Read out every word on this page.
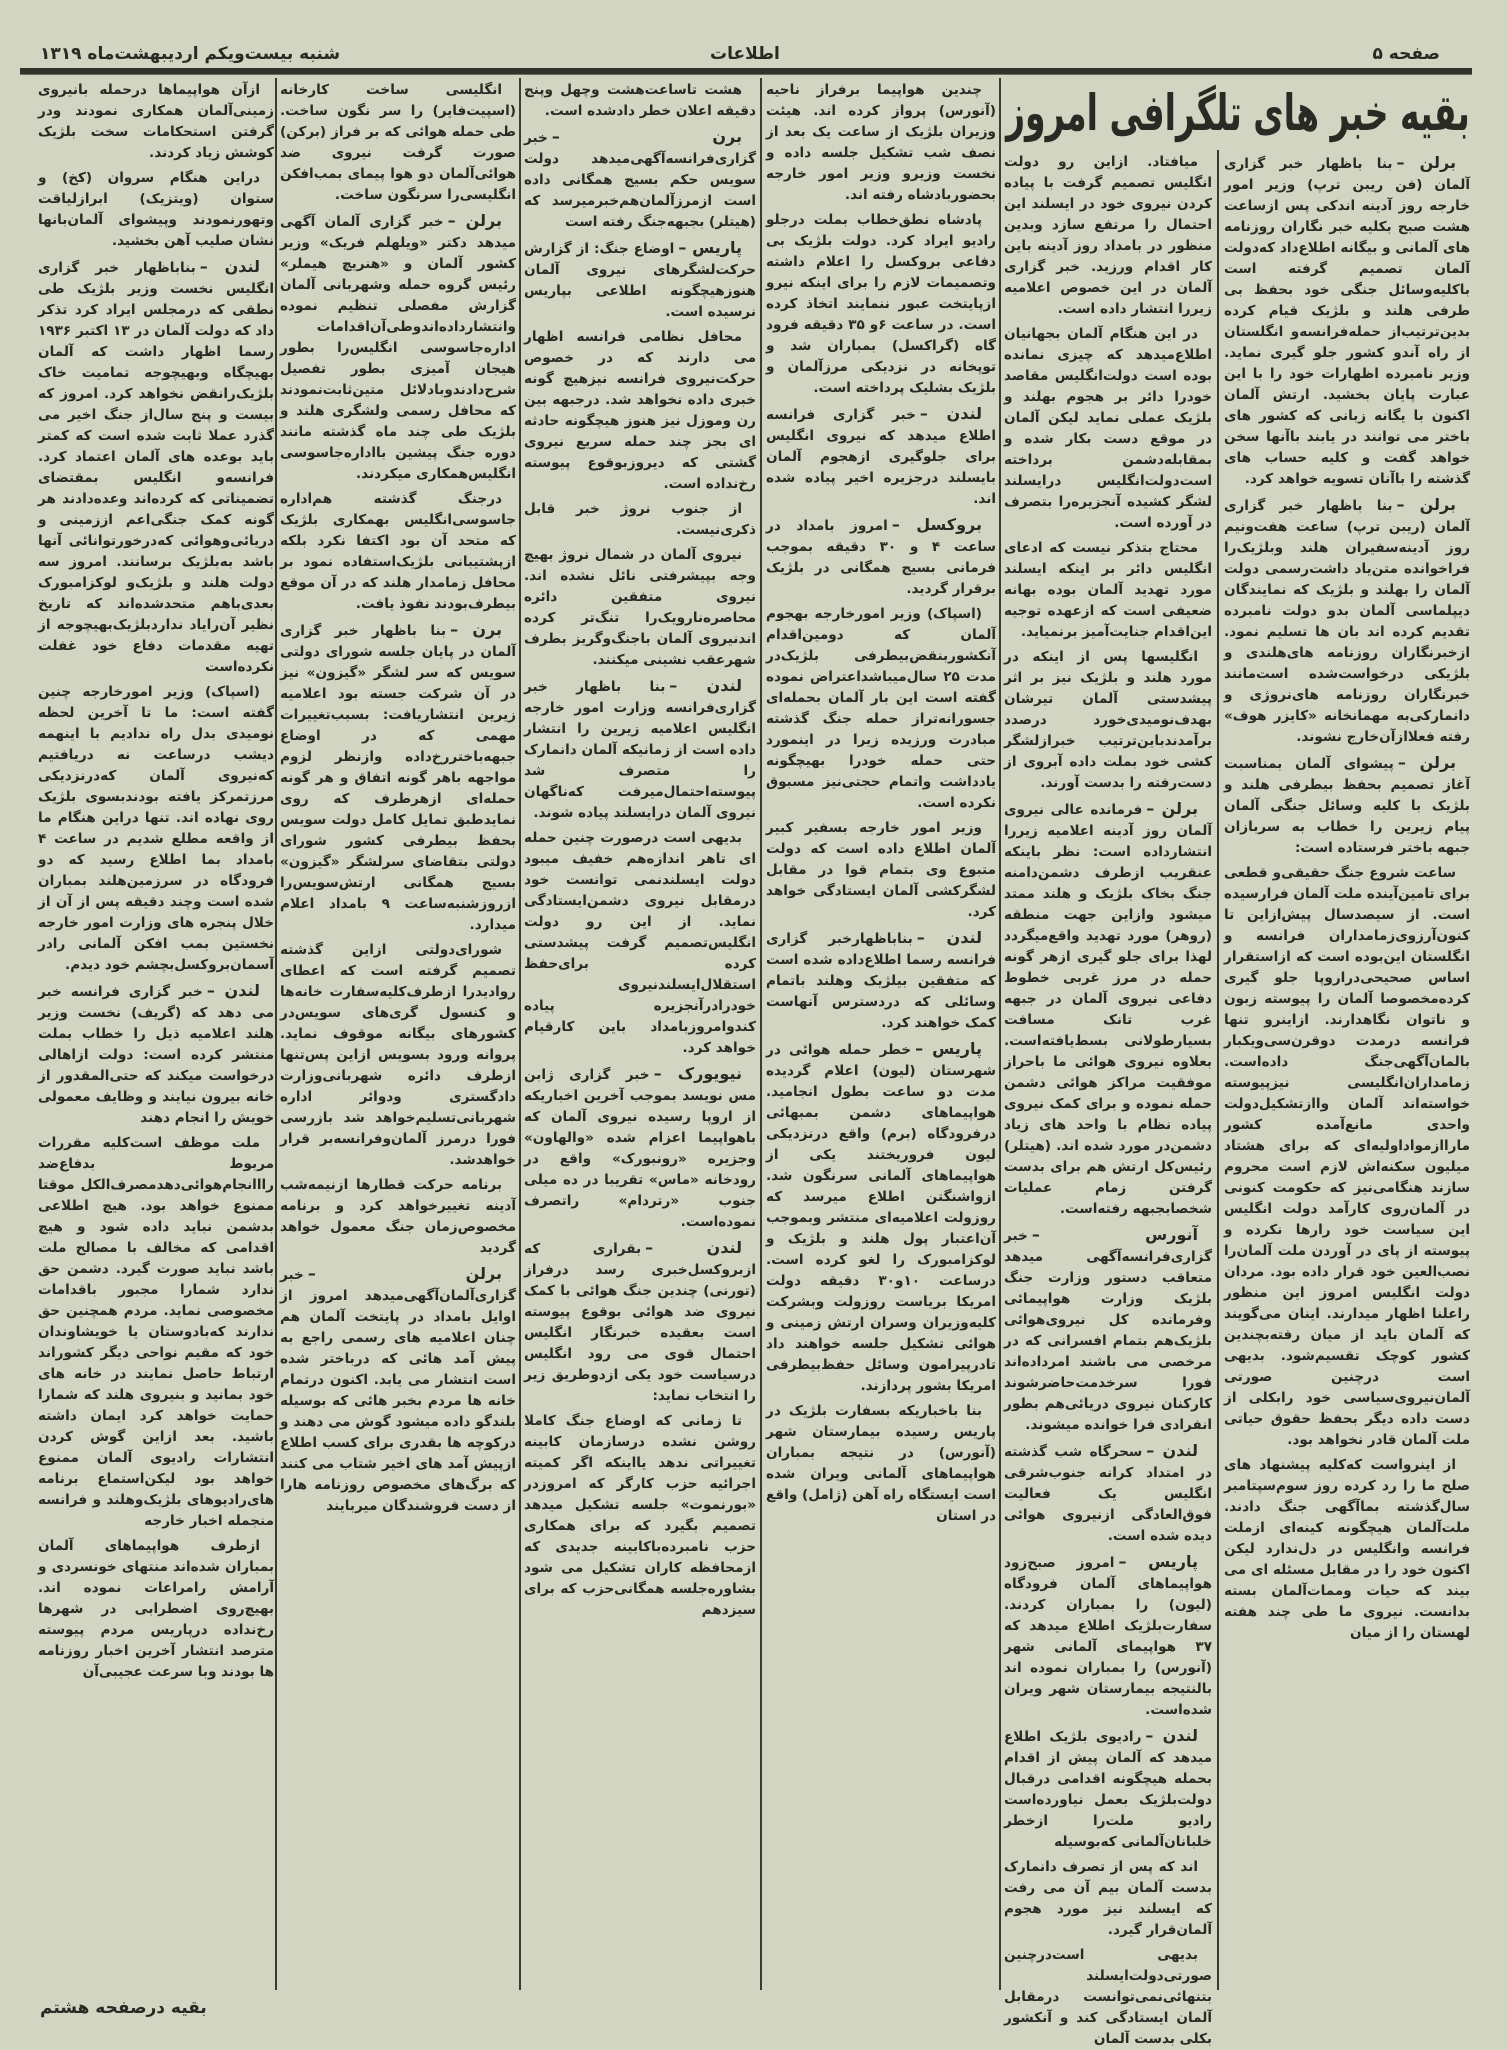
صفحه ۵
اطلاعات
شنبه بیست‌ویکم اردیبهشت‌ماه ۱۳۱۹
بقیه خبر های تلگرافی امروز

برلن –بنا باظهار خبر گزاری آلمان (فن ریبن ترپ) وزیر امور خارجه روز آدینه اندکی پس ازساعت هشت صبح بکلیه خبر نگاران روزنامه های آلمانی و بیگانه اطلاع‌داد که‌دولت آلمان تصمیم گرفته است باکلیه‌وسائل جنگی خود بحفظ بی طرفی هلند و بلژیک قیام کرده بدین‌ترتیب‌از حمله‌فرانسه‌و انگلستان از راه آندو کشور جلو گیری نماید. وزیر نامبرده اظهارات خود را با این عبارت پایان بخشید. ارتش آلمان اکنون با یگانه زبانی که کشور های باختر می توانند در یابند باآنها سخن خواهد گفت و کلیه حساب های گذشته را باآنان تسویه خواهد کرد.

برلن –بنا باظهار خبر گزاری آلمان (ریبن ترپ) ساعت هفت‌ونیم روز آدینه‌سفیران هلند وبلژیک‌را فراخوانده متن‌یاد داشت‌رسمی دولت آلمان را بهلند و بلژیک که نمایندگان دیپلماسی آلمان بدو دولت نامبرده تقدیم کرده اند بان ها تسلیم نمود. ازخبرنگاران روزنامه های‌هلندی و بلژیکی درخواست‌شده است‌مانند خبرنگاران روزنامه های‌نروژی و دانمارکی‌به مهمانخانه «کایزر هوف» رفته فعلاازآن‌خارج نشوند.

برلن –پیشوای آلمان بمناسبت آغاز تصمیم بحفظ بیطرفی هلند و بلژیک با کلیه وسائل جنگی آلمان پیام زیرین را خطاب به سربازان جبهه باختر فرستاده است:

ساعت شروع جنگ حقیقی‌و قطعی برای تامین‌آینده ملت آلمان فرارسیده است. از سیصدسال پیش‌ازاین تا کنون‌آرزوی‌زمامداران فرانسه و انگلستان این‌بوده است که ازاستقرار اساس صحیحی‌دراروپا جلو گیری کرده‌مخصوصا آلمان را پیوسته زبون و ناتوان نگاهدارند. ازاینرو تنها فرانسه درمدت دوقرن‌سی‌ویکبار بالمان‌آگهی‌جنگ داده‌است. زمامداران‌انگلیسی نیزپیوسته خواسته‌اند آلمان واازتشکیل‌دولت واحدی مانع‌آمده کشور ماراازمواداولیه‌ای که برای هشتاد میلیون سکنه‌اش لازم است محروم سازند هنگامی‌نیز که حکومت کنونی در آلمان‌روی کارآمد دولت انگلیس این سیاست خود رارها نکرده و پیوسته از پای در آوردن ملت آلمان‌را نصب‌العین خود قرار داده بود. مردان دولت انگلیس امروز این منظور راعلنا اظهار میدارند. اینان می‌گویند که آلمان باید از میان رفته‌بچندین کشور کوچک تقسیم‌شود. بدیهی است درچنین صورتی آلمان‌نیروی‌سیاسی خود رابکلی از دست داده دیگر بحفظ حقوق حیاتی ملت آلمان قادر نخواهد بود.

از اینرواست که‌کلیه پیشنهاد های صلح ما را رد کرده روز سوم‌سپتامبر سال‌گذشته بماآگهی جنگ دادند. ملت‌آلمان هیچگونه کینه‌ای ازملت فرانسه وانگلیس در دل‌ندارد لیکن اکنون خود را در مقابل مسئله ای می بیند که حیات وممات‌آلمان بسته بدانست. نیروی ما طی چند هفته لهستان را از میان

میافتاد. ازاین رو دولت انگلیس تصمیم گرفت با پیاده کردن نیروی خود در ایسلند این احتمال را مرتفع سازد وبدین منظور در بامداد روز آدینه باین کار اقدام ورزید. خبر گزاری آلمان در این خصوص اعلامیه زیررا انتشار داده است.

در این هنگام آلمان بجهانیان اطلاع‌میدهد که چیزی نمانده بوده است دولت‌انگلیس مقاصد خودرا دائر بر هجوم بهلند و بلژیک عملی نماید لیکن آلمان در موقع دست بکار شده و بمقابله‌دشمن برداخته است‌دولت‌انگلیس درایسلند لشگر کشیده آنجزیره‌را بتصرف در آورده است.

محتاج بتذکر نیست که ادعای انگلیس دائر بر اینکه ایسلند مورد تهدید آلمان بوده بهانه ضعیفی است که ازعهده توجیه این‌اقدام جنایت‌آمیز برنمیاید.

انگلیسها پس از اینکه در مورد هلند و بلژیک نیز بر اثر پیشدستی آلمان تیرشان بهدف‌نومیدی‌خورد درصدد برآمدند‌باین‌ترتیب خبرازلشگر کشی خود بملت داده آبروی از دست‌رفته را بدست آورند.

برلن –فرمانده عالی نیروی آلمان روز آدینه اعلامیه زیررا انتشارداده است: نظر باینکه عنقریب ازطرف دشمن‌دامنه جنگ بخاک بلژیک و هلند ممتد میشود وازاین جهت منطقه (روهر) مورد تهدید واقع‌میگردد لهذا برای جلو گیری ازهر گونه حمله در مرز غربی خطوط دفاعی نیروی آلمان در جبهه غرب تانک مسافت بسیارطولانی بسط‌یافته‌است. بعلاوه نیروی هوائی ما باحراز موفقیت مراکز هوائی دشمن حمله نموده و برای کمک نیروی پیاده نظام با واحد های زیاد دشمن‌در مورد شده اند. (هیتلر) رئیس‌کل ارتش هم برای بدست گرفتن زمام عملیات شخصابجبهه رفته‌است.

آنورس –خبر گزاری‌فرانسه‌آگهی میدهد متعاقب دستور وزارت جنگ بلژیک وزارت هواپیمائی وفرمانده کل نیروی‌هوائی بلژیک‌هم بتمام افسرانی که در مرخصی می باشند امرداده‌اند فورا سرخدمت‌حاضرشوند کارکنان نیروی دریائی‌هم بطور انفرادی فرا خوانده میشوند.

لندن –سحرگاه شب گذشته در امتداد کرانه جنوب‌شرقی انگلیس یک فعالیت فوق‌العادگی ازنیروی هوائی دیده شده است.

پاریس –امروز صبح‌زود هواپیماهای آلمان فرودگاه (لیون) را بمباران کردند. سفارت‌بلژیک اطلاع میدهد که ۳۷ هواپیمای آلمانی شهر (آنورس) را بمباران نموده اند بالنتیجه بیمارستان شهر ویران شده‌است.

لندن –رادیوی بلژیک اطلاع میدهد که آلمان پیش از اقدام بحمله هیچگونه اقدامی درقبال دولت‌بلژیک بعمل نیاورده‌است رادیو ملت‌را ازخطر خلبانان‌آلمانی که‌بوسیله

اند که پس از تصرف دانمارک بدست آلمان بیم آن می رفت که ایسلند نیز مورد هجوم آلمان‌قرار گیرد.

بدیهی است‌درچنین صورتی‌دولت‌ایسلند بتنهائی‌نمی‌توانست درمقابل آلمان ایستادگی کند و آنکشور بکلی بدست آلمان

چندین هواپیما برفراز ناحیه (آنورس) پرواز کرده اند. هیئت وزیران بلژیک از ساعت یک بعد از نصف شب تشکیل جلسه داده و نخست وزیرو وزیر امور خارجه بحضوربادشاه رفته اند.

پادشاه نطق‌خطاب بملت درجلو رادیو ایراد کرد. دولت بلژیک بی دفاعی بروکسل را اعلام داشته وتصمیمات لازم را برای اینکه نیرو ازپایتخت عبور ننمایند اتخاذ کرده است. در ساعت ۶و ۳۵ دقیقه فرود گاه (گراکسل) بمباران شد و توپخانه در نزدیکی مرزآلمان و بلژیک بشلیک پرداخته است.

لندن –خبر گزاری فرانسه اطلاع میدهد که نیروی انگلیس برای جلوگیری ازهجوم آلمان بایسلند درجزیره اخیر پیاده شده اند.

بروکسل –امروز بامداد در ساعت ۴ و ۳۰ دقیقه بموجب فرمانی بسیج همگانی در بلژیک برقرار گردید.

(اسپاک) وزیر امورخارجه بهجوم آلمان که دومین‌اقدام آنکشوربنقض‌بیطرفی بلژیک‌در مدت ۲۵ سال‌میباشداعتراض نموده گفته است این بار آلمان بحمله‌ای جسورانه‌تراز حمله جنگ گذشته مبادرت ورزیده زیرا در اینمورد حتی حمله خودرا بهیچگونه یادداشت واتمام حجتی‌نیز مسبوق نکرده است.

وزیر امور خارجه بسفیر کبیر آلمان اطلاع داده است که دولت متبوع وی بتمام قوا در مقابل لشگرکشی آلمان ایستادگی خواهد کرد.

لندن –بناباظهارخبر گزاری فرانسه رسما اطلاع‌داده شده است که متفقین بیلژیک وهلند باتمام وسائلی که دردسترس آنهاست کمک خواهند کرد.

پاریس –خطر حمله هوائی در شهرستان (لیون) اعلام گردیده مدت دو ساعت بطول انجامید. هواپیماهای دشمن بمبهائی درفرودگاه (برم) واقع درنزدیکی لیون فروریختند یکی از هواپیماهای آلمانی سرنگون شد. ازواشنگتن اطلاع میرسد که روزولت اعلامیه‌ای منتشر وبموجب آن‌اعتبار پول هلند و بلژیک و لوکزامبورک را لغو کرده است. درساعت ۱۰و۳۰ دقیقه دولت امریکا بریاست روزولت وبشرکت کلیه‌وزیران وسران ارتش زمینی و هوائی تشکیل جلسه خواهند داد تادرپیرامون وسائل حفظ‌بیطرفی امریکا بشور پردازند.

بنا باخباریکه بسفارت بلژیک در پاریس رسیده بیمارستان شهر (آنورس) در نتیجه بمباران هواپیماهای آلمانی ویران شده است ایستگاه راه آهن (ژامل) واقع در استان

هشت تاساعت‌هشت وچهل وپنج دقیقه اعلان خطر دادشده است.

برن –خبر گزاری‌فرانسه‌آگهی‌میدهد دولت سویس حکم بسیج همگانی داده است ازمرزآلمان‌هم‌خبرمیرسد که (هیتلر) بجبهه‌جنگ رفته است

پاریس –اوضاع جنگ: از گزارش حرکت‌لشگرهای نیروی آلمان هنوزهیچگونه اطلاعی بپاریس نرسیده است.

محافل نظامی فرانسه اظهار می دارند که در خصوص حرکت‌نیروی فرانسه نیزهیچ گونه خبری داده نخواهد شد. درجبهه بین رن وموزل نیز هنوز هیچگونه حادثه ای بجز چند حمله سریع نیروی گشتی که دیروزبوقوع پیوسته رخ‌نداده است.

از جنوب نروژ خبر قابل ذکری‌نیست.

نیروی آلمان در شمال نروژ بهیچ وجه بپیشرفتی نائل نشده اند. نیروی متفقین دائره محاصره‌نارویک‌را تنگ‌تر کرده اندنیروی آلمان باجنگ‌وگریز بطرف شهرعقب نشینی میکنند.

لندن –بنا باظهار خبر گزاری‌فرانسه وزارت امور خارجه انگلیس اعلامیه زیرین را انتشار داده است از زمانیکه آلمان دانمارک را متصرف شد پیوسته‌احتمال‌میرفت که‌ناگهان نیروی آلمان درایسلند پیاده شوند.

بدیهی است درصورت چنین حمله ای تاهر اندازه‌هم خفیف میبود دولت ایسلندنمی توانست خود درمقابل نیروی دشمن‌ایستادگی نماید. از این رو دولت انگلیس‌تصمیم گرفت پیشدستی کرده برای‌حفظ استقلال‌ایسلندنیروی خودرادرآنجزیره پیاده کندوامروزبامداد باین کارقیام خواهد کرد.

نیویورک –خبر گزاری ژابن مس نویسد بموجب آخرین اخباریکه از اروپا رسیده نیروی آلمان که باهواپیما اعزام شده «والهاون» وجزیره «رونبورک» واقع در رودخانه «ماس» تقریبا در ده میلی جنوب «رتردام» راتصرف نموده‌است.

لندن –بقراری که ازبروکسل‌خبری رسد درفراز (تورنی) چندین جنگ هوائی با کمک نیروی ضد هوائی بوقوع پیوسته است بعقیده خبرنگار انگلیس احتمال قوی می رود انگلیس درسیاست خود یکی ازدوطریق زیر را انتخاب نماید:

تا زمانی که اوضاع جنگ کاملا روشن نشده درسازمان کابینه تغییراتی ندهد یااینکه اگر کمیته اجرائیه حزب کارگر که امروزدر «بورنموت» جلسه تشکیل میدهد تصمیم بگیرد که برای همکاری حزب نامبرده‌باکابینه جدیدی که ازمحافظه کاران تشکیل می شود بشاوره‌جلسه همگانی‌حزب که برای سیزدهم

انگلیسی ساخت کارخانه (اسپیت‌فایر) را سر نگون ساخت. طی حمله هوائی که بر فراز (برکن) صورت گرفت نیروی ضد هوائی‌آلمان دو هوا پیمای بمب‌افکن انگلیسی‌را سرنگون ساخت.

برلن –خبر گزاری آلمان آگهی میدهد دکتر «ویلهلم فریک» وزیر کشور آلمان و «هنریچ هیملر» رئیس گروه حمله وشهربانی آلمان گزارش مفصلی تنظیم نموده وانتشارداده‌اندوطی‌آن‌اقدامات اداره‌جاسوسی انگلیس‌را بطور هیجان آمیزی بطور تفصیل شرح‌دادندوبادلائل متین‌ثابت‌نمودند که محافل رسمی ولشگری هلند و بلژیک طی چند ماه گذشته مانند دوره جنگ پیشین بااداره‌جاسوسی انگلیس‌همکاری میکردند.

درجنگ گذشته هم‌اداره جاسوسی‌انگلیس بهمکاری بلژیک که متحد آن بود اکتفا نکرد بلکه ازپشتیبانی بلژیک‌استفاده نمود بر محافل زمامدار هلند که در آن موقع بیطرف‌بودند نفوذ یافت.

برن –بنا باظهار خبر گزاری آلمان در پایان جلسه شورای دولتی سویس که سر لشگر «گیزون» نیز در آن شرکت جسته بود اعلامیه زیرین انتشاریافت: بسبب‌تغییرات مهمی که در اوضاع جبهه‌باختررخ‌داده وازنظر لزوم مواجهه باهر گونه اتفاق و هر گونه حمله‌ای ازهرطرف که روی نمایدطبق تمایل کامل دولت سویس بحفظ بیطرفی کشور شورای دولتی بتقاضای سرلشگر «گیزون» بسیج همگانی ارتش‌سویس‌را ازروزشنبه‌ساعت ۹ بامداد اعلام میدارد.

شورای‌دولتی ازاین گذشته تصمیم گرفته است که اعطای رواديدرا ازطرف‌کلیه‌سفارت خانه‌ها و کنسول گری‌های سویس‌در کشورهای بیگانه موقوف نماید. پروانه ورود بسویس ازاین پس‌تنها ازطرف دائره شهربانی‌وزارت دادگستری ودوائر اداره شهربانی‌تسلیم‌خواهد شد بازرسی فورا درمرز آلمان‌وفرانسه‌بر قرار خواهدشد.

برنامه حرکت قطارها ازنیمه‌شب آدینه تغییرخواهد کرد و برنامه مخصوص‌زمان جنگ معمول خواهد گردید

برلن –خبر گزاری‌آلمان‌آگهی‌میدهد امروز از اوایل بامداد در پایتخت آلمان هم چنان اعلامیه های رسمی راجع به پیش آمد هائی که درباختر شده است انتشار می یابد. اکنون درتمام خانه ها مردم بخبر هائی که بوسیله بلندگو داده میشود گوش می دهند و درکوچه ها بقدری برای کسب اطلاع ازپیش آمد های اخیر شتاب می کنند که برگ‌های مخصوص روزنامه هارا از دست فروشندگان میربایند

ازآن هواپیماها درحمله بانیروی زمینی‌آلمان همکاری نمودند ودر گرفتن استحکامات سخت بلژیک کوشش زیاد کردند.

دراین هنگام سروان (کخ) و ستوان (ویتزیک) ابرازلیاقت وتهورنمودند وپیشوای آلمان‌بانها نشان صلیب آهن بخشید.

لندن –بناباظهار خبر گزاری انگلیس نخست وزیر بلژیک طی نطقی که درمجلس ایراد کرد تذکر داد که دولت آلمان در ۱۳ اکتبر ۱۹۳۶ رسما اظهار داشت که آلمان بهیچگاه وبهیچوجه تمامیت خاک بلژیک‌رانقض نخواهد کرد. امروز که بیست و پنج سال‌از جنگ اخیر می گذرد عملا ثابت شده است که کمتر باید بوعده های آلمان اعتماد کرد. فرانسه‌و انگلیس بمقتضای تضمیناتی که کرده‌اند وعده‌دادند هر گونه کمک جنگی‌اعم اززمینی و دریائی‌وهوائی که‌درخورتوانائی آنها باشد به‌بلژیک برسانند. امروز سه دولت هلند و بلژیک‌و لوکزامبورک بعدی‌باهم متحدشده‌اند که تاریخ نظیر آن‌رایاد ندارد‌بلژیک‌بهیچوجه از تهیه مقدمات دفاع خود غفلت نکرده‌است

(اسپاک) وزیر امورخارجه چنین گفته است: ما تا آخرین لحظه نومیدی بدل راه ندادیم با اینهمه دیشب درساعت نه دریافتیم که‌نیروی آلمان که‌درنزدیکی مرزتمرکز یافته بودندبسوی بلژیک روی نهاده اند. تنها دراین هنگام ما از واقعه مطلع شدیم در ساعت ۴ بامداد بما اطلاع رسید که دو فرودگاه در سرزمین‌هلند بمباران شده است وچند دقیقه پس از آن از خلال پنجره های وزارت امور خارجه نخستین بمب افکن آلمانی رادر آسمان‌بروکسل‌بچشم خود دیدم.

لندن –خبر گزاری فرانسه خبر می دهد که (گریف) نخست وزیر هلند اعلامیه ذیل را خطاب بملت منتشر کرده است: دولت ازاهالی درخواست میکند که حتی‌المقدور از خانه بیرون نیایند و وظایف معمولی خویش را انجام دهند

ملت موظف است‌کلیه مقررات مربوط بدفاع‌ضد رااانجام‌هوائی‌دهد‌مصرف‌الکل موقتا ممنوع خواهد بود. هیچ اطلاعی بدشمن نباید داده شود و هیچ اقدامی که مخالف با مصالح ملت باشد نباید صورت گیرد. دشمن حق ندارد شمارا مجبور باقدامات مخصوصی نماید. مردم همچنین حق ندارند که‌بادوستان یا خویشاوندان خود که مقیم نواحی دیگر کشوراند ارتباط حاصل نمایند در خانه های خود بمانید و بنیروی هلند که شمارا حمایت خواهد کرد ایمان داشته باشید. بعد ازاین گوش کردن انتشارات رادیوی آلمان ممنوع خواهد بود لیکن‌استماع برنامه های‌رادیوهای بلژیک‌وهلند و فرانسه منجمله اخبار خارجه

ازطرف هواپیماهای آلمان بمباران شده‌اند منتهای خونسردی و آرامش رامراعات نموده اند. بهیچ‌روی اضطرابی در شهرها رخ‌نداده درپاریس مردم پیوسته مترصد انتشار آخرین اخبار روزنامه ها بودند وبا سرعت عجیبی‌آن

بقیه درصفحه هشتم
